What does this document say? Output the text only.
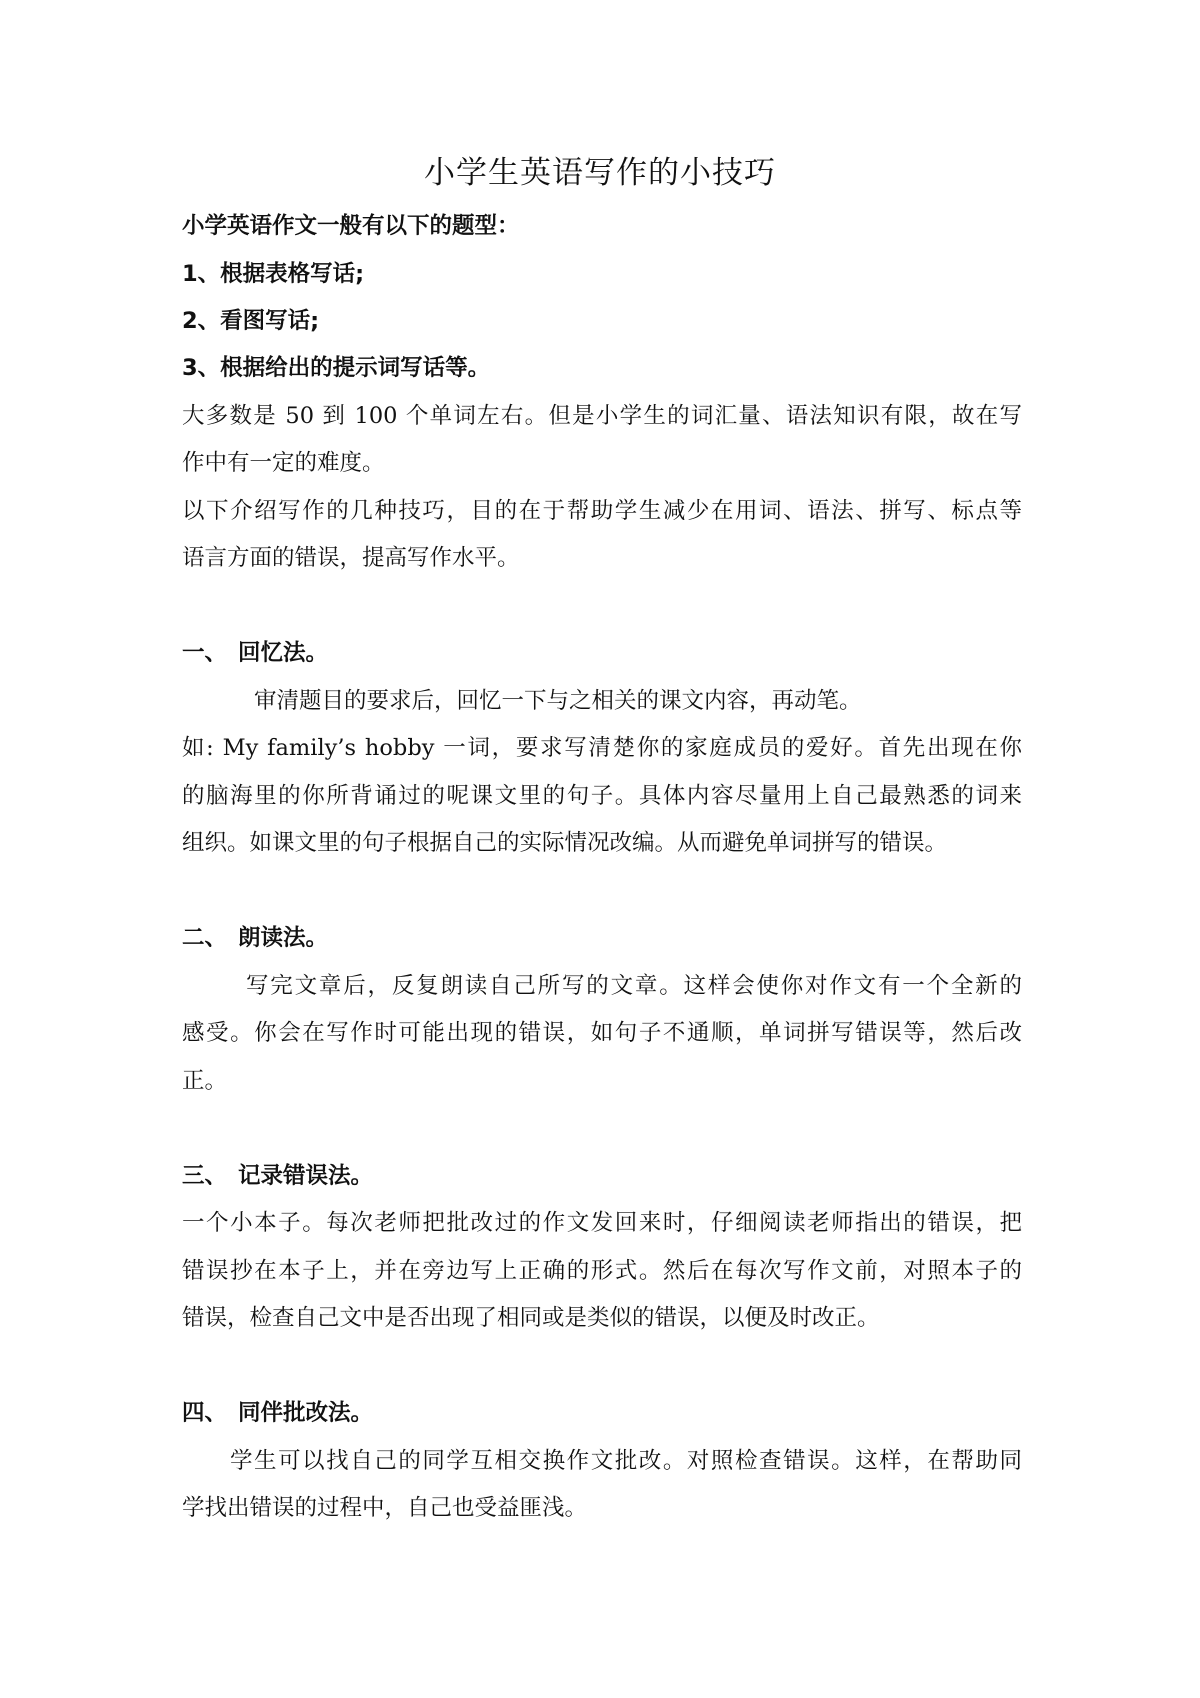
小学生英语写作的小技巧
小学英语作文一般有以下的题型：
1、根据表格写话;
2、看图写话;
3、根据给出的提示词写话等。
大多数是 50 到 100 个单词左右。但是小学生的词汇量、语法知识有限，故在写
作中有一定的难度。
以下介绍写作的几种技巧，目的在于帮助学生减少在用词、语法、拼写、标点等
语言方面的错误，提高写作水平。
一、 回忆法。
审清题目的要求后，回忆一下与之相关的课文内容，再动笔。
如: My family’s hobby 一词，要求写清楚你的家庭成员的爱好。首先出现在你
的脑海里的你所背诵过的呢课文里的句子。具体内容尽量用上自己最熟悉的词来
组织。如课文里的句子根据自己的实际情况改编。从而避免单词拼写的错误。
二、 朗读法。
写完文章后，反复朗读自己所写的文章。这样会使你对作文有一个全新的
感受。你会在写作时可能出现的错误，如句子不通顺，单词拼写错误等，然后改
正。
三、 记录错误法。
一个小本子。每次老师把批改过的作文发回来时，仔细阅读老师指出的错误，把
错误抄在本子上，并在旁边写上正确的形式。然后在每次写作文前，对照本子的
错误，检查自己文中是否出现了相同或是类似的错误，以便及时改正。
四、 同伴批改法。
学生可以找自己的同学互相交换作文批改。对照检查错误。这样，在帮助同
学找出错误的过程中，自己也受益匪浅。
